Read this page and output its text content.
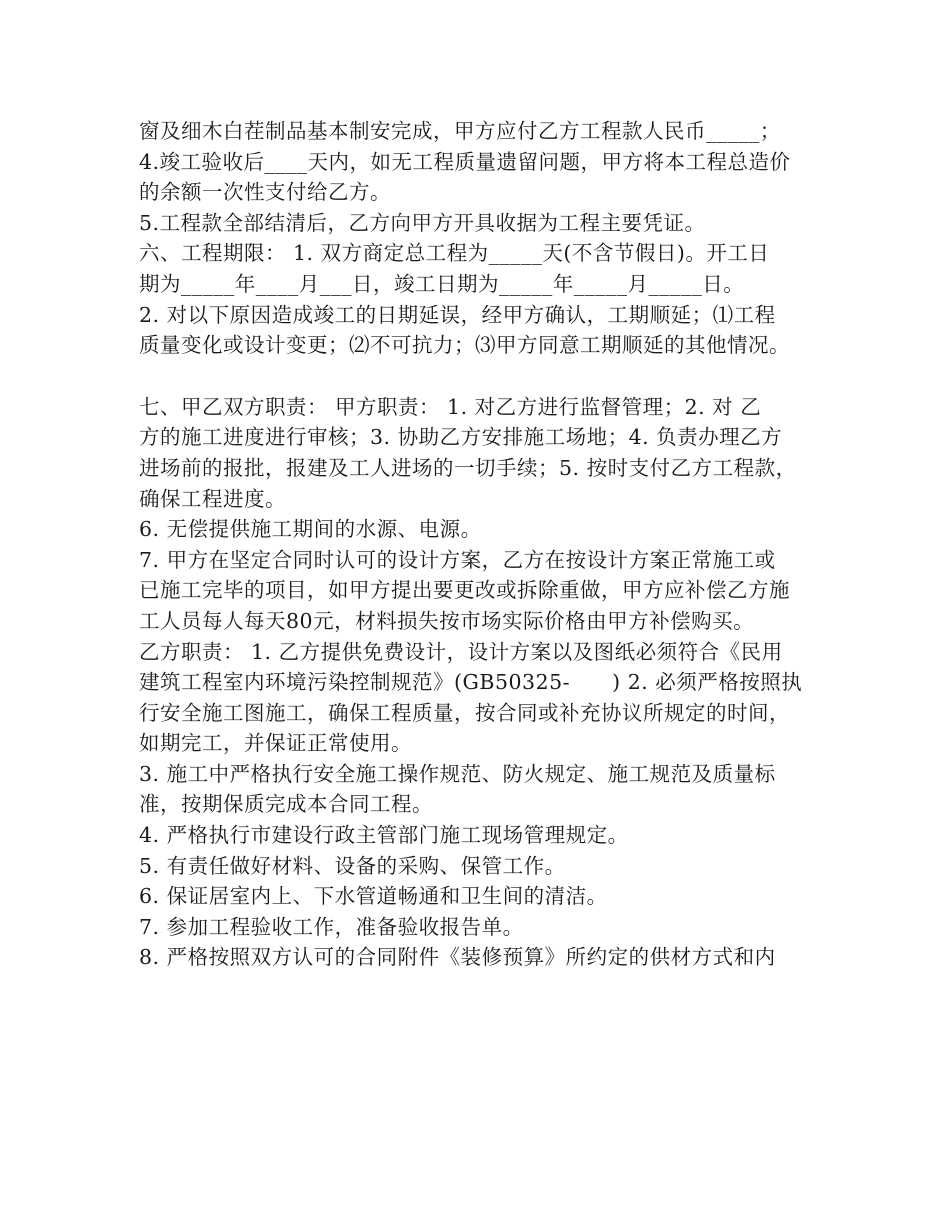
窗及细木白茬制品基本制安完成，甲方应付乙方工程款人民币_____；
4.竣工验收后____天内，如无工程质量遗留问题，甲方将本工程总造价
的余额一次性支付给乙方。
5.工程款全部结清后，乙方向甲方开具收据为工程主要凭证。
六、工程期限： 1. 双方商定总工程为_____天(不含节假日)。开工日
期为_____年____月___日，竣工日期为_____年_____月_____日。
2. 对以下原因造成竣工的日期延误，经甲方确认，工期顺延；⑴工程
质量变化或设计变更；⑵不可抗力；⑶甲方同意工期顺延的其他情况。
七、甲乙双方职责： 甲方职责： 1. 对乙方进行监督管理；2. 对 乙
方的施工进度进行审核；3. 协助乙方安排施工场地；4. 负责办理乙方
进场前的报批，报建及工人进场的一切手续；5. 按时支付乙方工程款，
确保工程进度。
6. 无偿提供施工期间的水源、电源。
7. 甲方在坚定合同时认可的设计方案，乙方在按设计方案正常施工或
已施工完毕的项目，如甲方提出要更改或拆除重做，甲方应补偿乙方施
工人员每人每天80元，材料损失按市场实际价格由甲方补偿购买。
乙方职责： 1. 乙方提供免费设计，设计方案以及图纸必须符合《民用
建筑工程室内环境污染控制规范》(GB50325-      ) 2. 必须严格按照执
行安全施工图施工，确保工程质量，按合同或补充协议所规定的时间，
如期完工，并保证正常使用。
3. 施工中严格执行安全施工操作规范、防火规定、施工规范及质量标
准，按期保质完成本合同工程。
4. 严格执行市建设行政主管部门施工现场管理规定。
5. 有责任做好材料、设备的采购、保管工作。
6. 保证居室内上、下水管道畅通和卫生间的清洁。
7. 参加工程验收工作，准备验收报告单。
8. 严格按照双方认可的合同附件《装修预算》所约定的供材方式和内
